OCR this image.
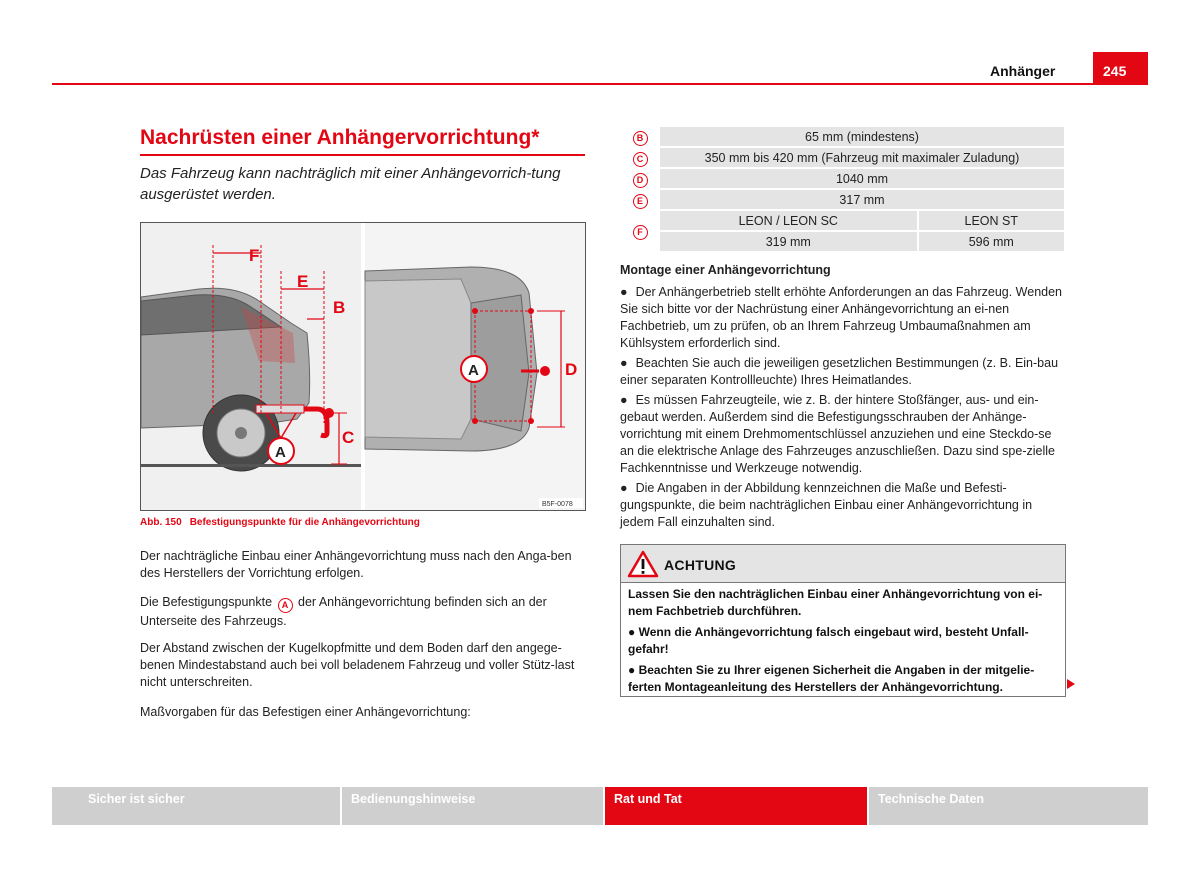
Anhänger	245
Nachrüsten einer Anhängervorrichtung*

Das Fahrzeug kann nachträglich mit einer Anhängevorrich-tung ausgerüstet werden.

F
E
B
C
A
D
A
B5F-0078
Abb. 150 Befestigungspunkte für die Anhängevorrichtung

Der nachträgliche Einbau einer Anhängevorrichtung muss nach den Anga-ben des Herstellers der Vorrichtung erfolgen.

Die Befestigungspunkte A der Anhängevorrichtung befinden sich an der Unterseite des Fahrzeugs.

Der Abstand zwischen der Kugelkopfmitte und dem Boden darf den angege-benen Mindestabstand auch bei voll beladenem Fahrzeug und voller Stütz-last nicht unterschreiten.

Maßvorgaben für das Befestigen einer Anhängevorrichtung:

B	65 mm (mindestens)	
C	350 mm bis 420 mm (Fahrzeug mit maximaler Zuladung)	
D	1040 mm	
E	317 mm	
F	LEON / LEON SC	LEON ST
	319 mm	596 mm
Montage einer Anhängevorrichtung

● Der Anhängerbetrieb stellt erhöhte Anforderungen an das Fahrzeug. Wenden Sie sich bitte vor der Nachrüstung einer Anhängevorrichtung an ei-nen Fachbetrieb, um zu prüfen, ob an Ihrem Fahrzeug Umbaumaßnahmen am Kühlsystem erforderlich sind.

● Beachten Sie auch die jeweiligen gesetzlichen Bestimmungen (z. B. Ein-bau einer separaten Kontrollleuchte) Ihres Heimatlandes.

● Es müssen Fahrzeugteile, wie z. B. der hintere Stoßfänger, aus- und ein-gebaut werden. Außerdem sind die Befestigungsschrauben der Anhänge-vorrichtung mit einem Drehmomentschlüssel anzuziehen und eine Steckdo-se an die elektrische Anlage des Fahrzeuges anzuschließen. Dazu sind spe-zielle Fachkenntnisse und Werkzeuge notwendig.

● Die Angaben in der Abbildung kennzeichnen die Maße und Befesti-gungspunkte, die beim nachträglichen Einbau einer Anhängevorrichtung in jedem Fall einzuhalten sind.

ACHTUNG

Lassen Sie den nachträglichen Einbau einer Anhängevorrichtung von ei-nem Fachbetrieb durchführen.

● Wenn die Anhängevorrichtung falsch eingebaut wird, besteht Unfall-gefahr!

● Beachten Sie zu Ihrer eigenen Sicherheit die Angaben in der mitgelie-ferten Montageanleitung des Herstellers der Anhängevorrichtung.

Sicher ist sicher	Bedienungshinweise	Rat und Tat	Technische Daten
